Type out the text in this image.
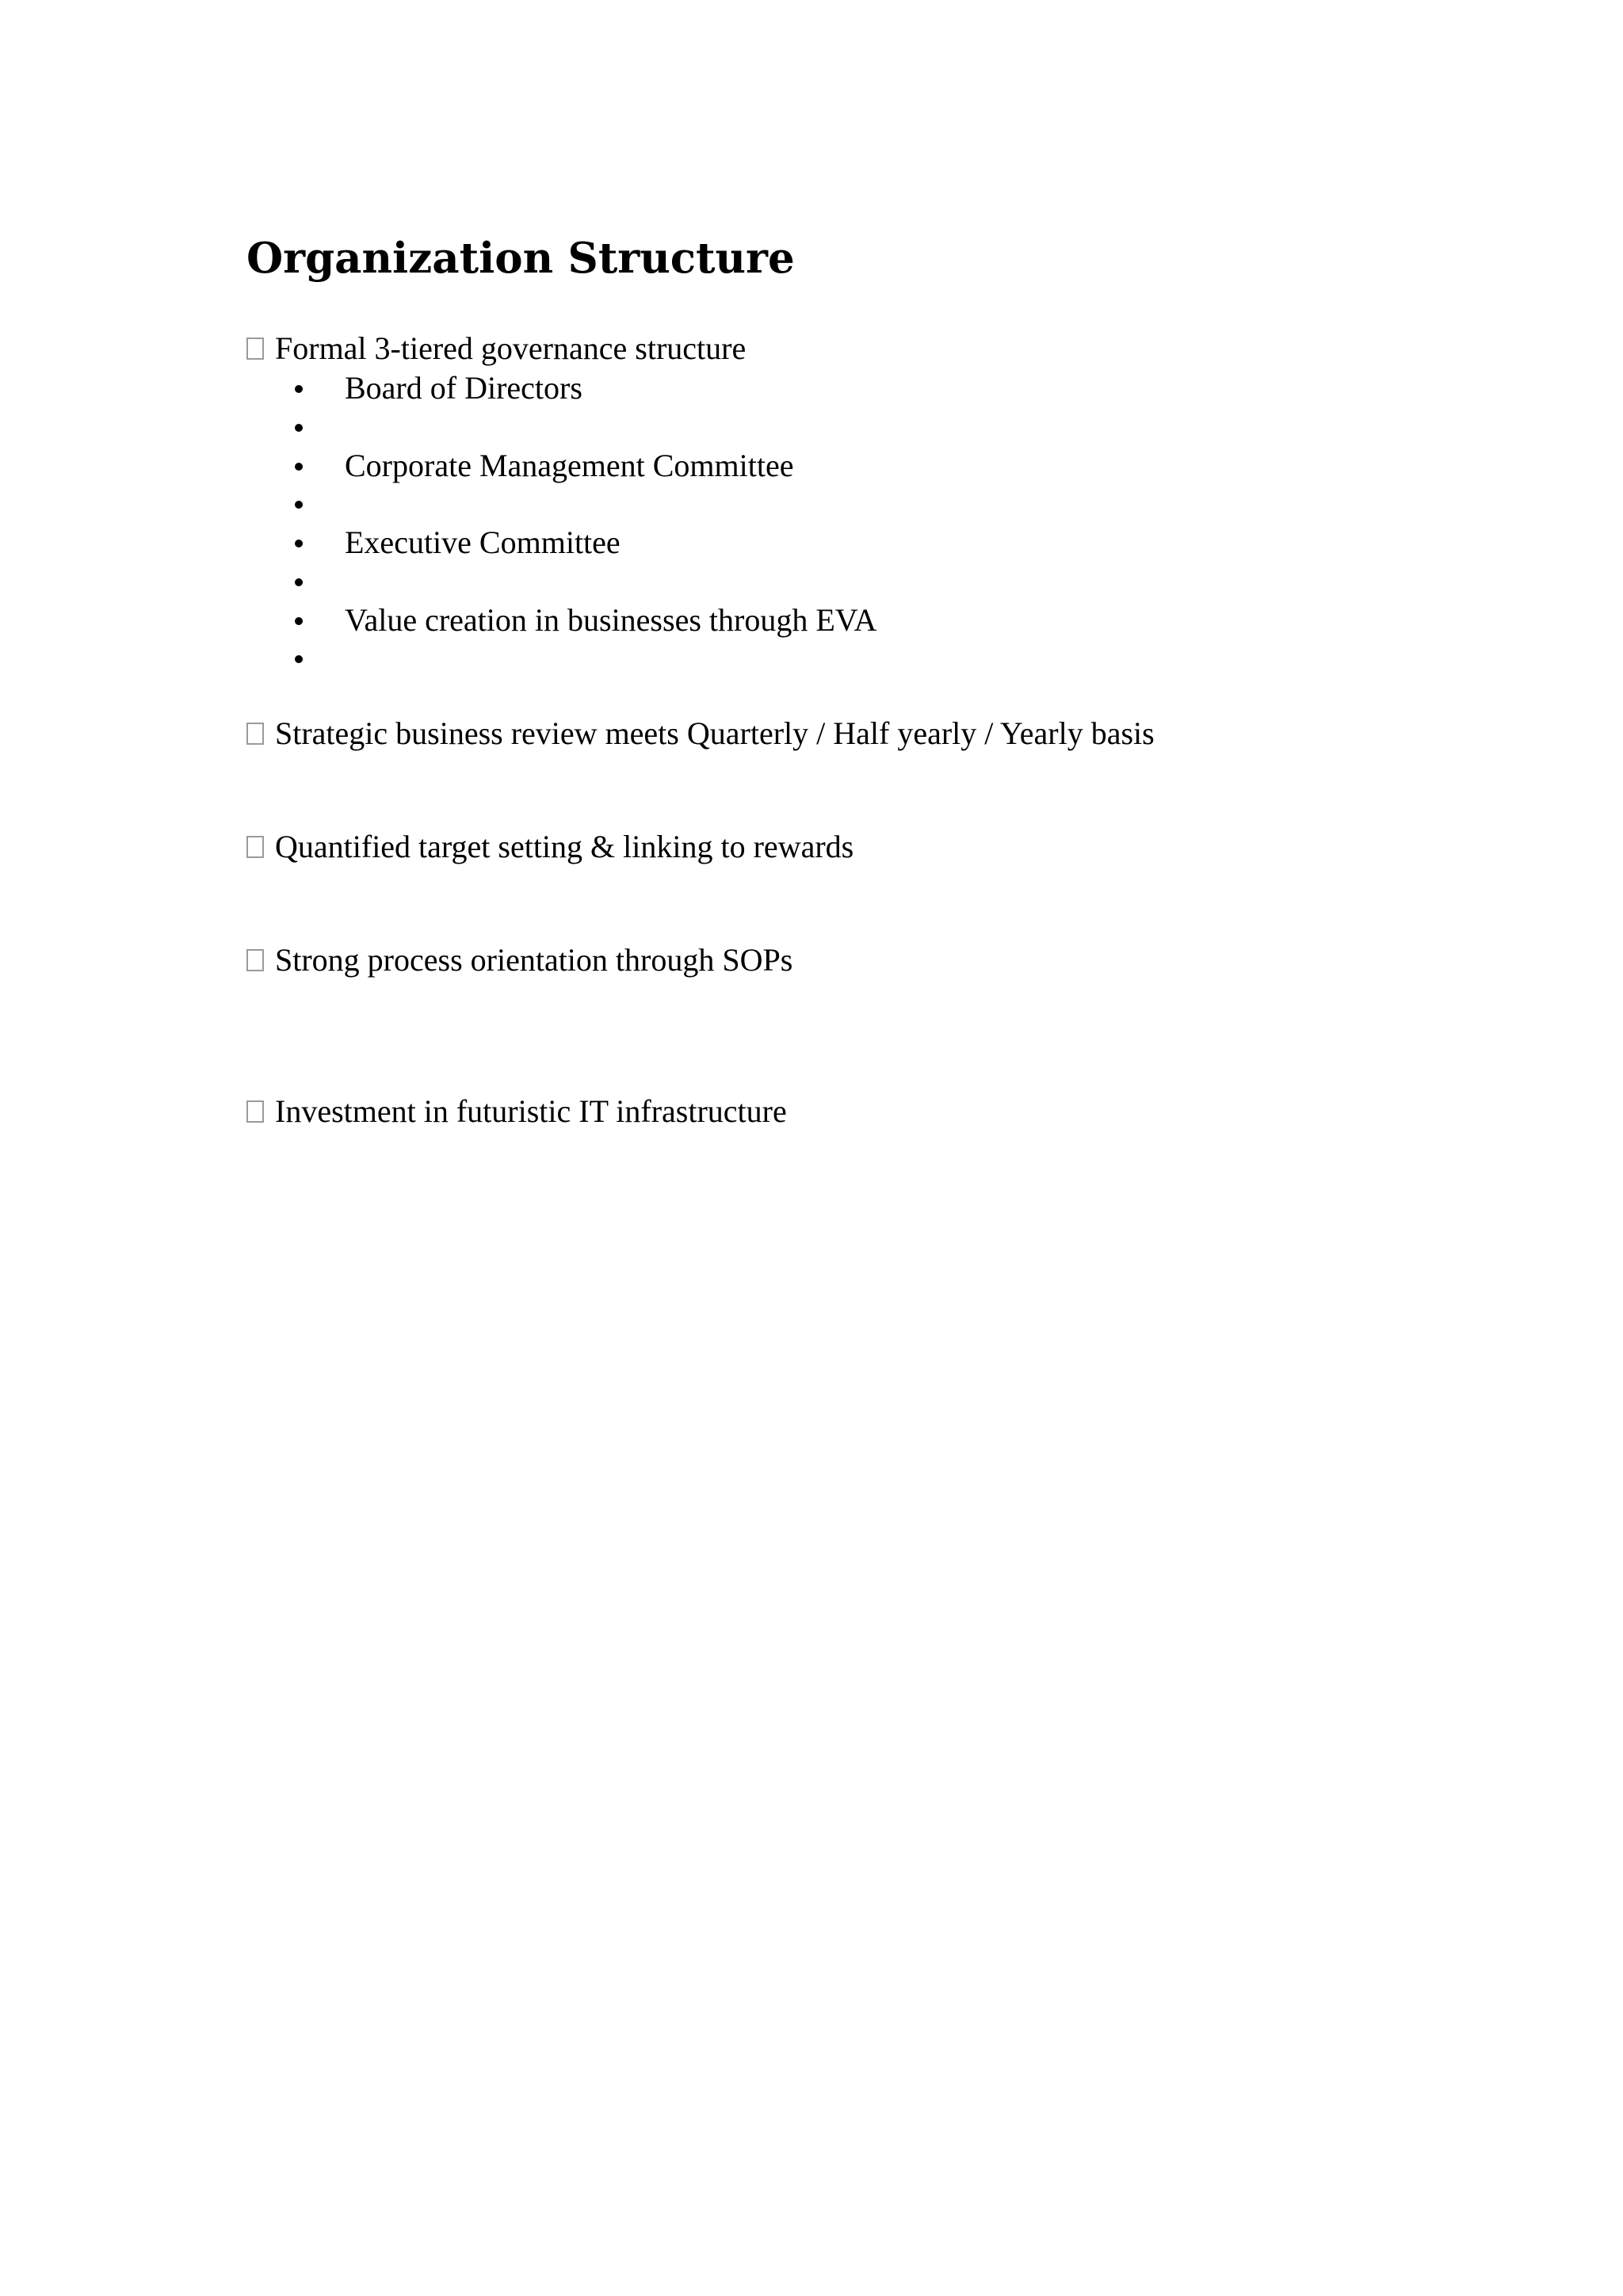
Organization Structure
Formal 3-tiered governance structure
Board of Directors
Corporate Management Committee
Executive Committee
Value creation in businesses through EVA
Strategic business review meets Quarterly / Half yearly / Yearly basis
Quantified target setting & linking to rewards
Strong process orientation through SOPs
Investment in futuristic IT infrastructure
